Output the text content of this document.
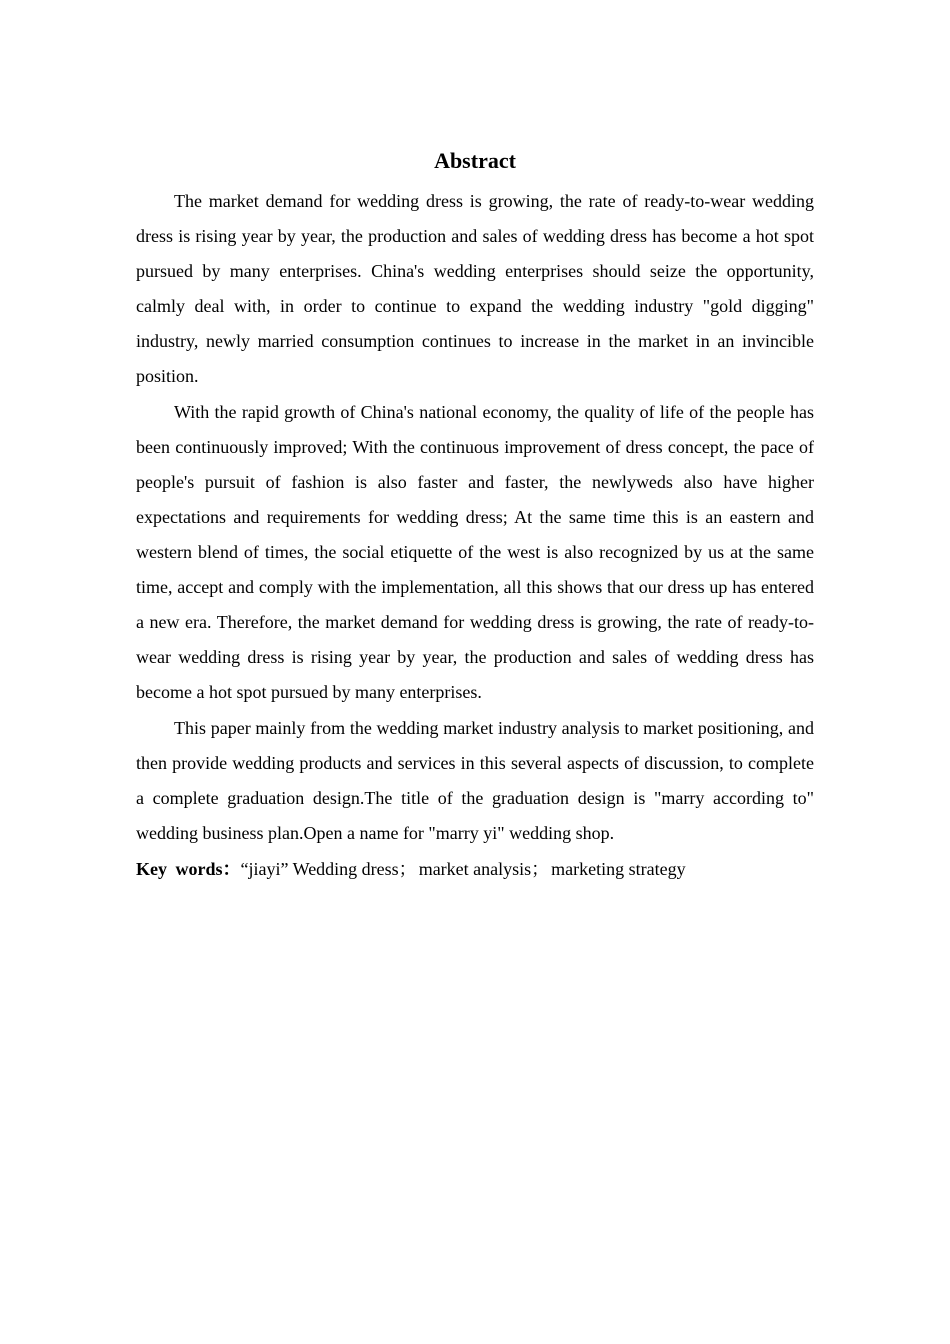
Abstract

The market demand for wedding dress is growing, the rate of ready-to-wear wedding dress is rising year by year, the production and sales of wedding dress has become a hot spot pursued by many enterprises. China's wedding enterprises should seize the opportunity, calmly deal with, in order to continue to expand the wedding industry "gold digging" industry, newly married consumption continues to increase in the market in an invincible position.

With the rapid growth of China's national economy, the quality of life of the people has been continuously improved; With the continuous improvement of dress concept, the pace of people's pursuit of fashion is also faster and faster, the newlyweds also have higher expectations and requirements for wedding dress; At the same time this is an eastern and western blend of times, the social etiquette of the west is also recognized by us at the same time, accept and comply with the implementation, all this shows that our dress up has entered a new era. Therefore, the market demand for wedding dress is growing, the rate of ready-to-wear wedding dress is rising year by year, the production and sales of wedding dress has become a hot spot pursued by many enterprises.

This paper mainly from the wedding market industry analysis to market positioning, and then provide wedding products and services in this several aspects of discussion, to complete a complete graduation design.The title of the graduation design is "marry according to" wedding business plan.Open a name for "marry yi" wedding shop.

Key words：“jiayi” Wedding dress； market analysis； marketing strategy
